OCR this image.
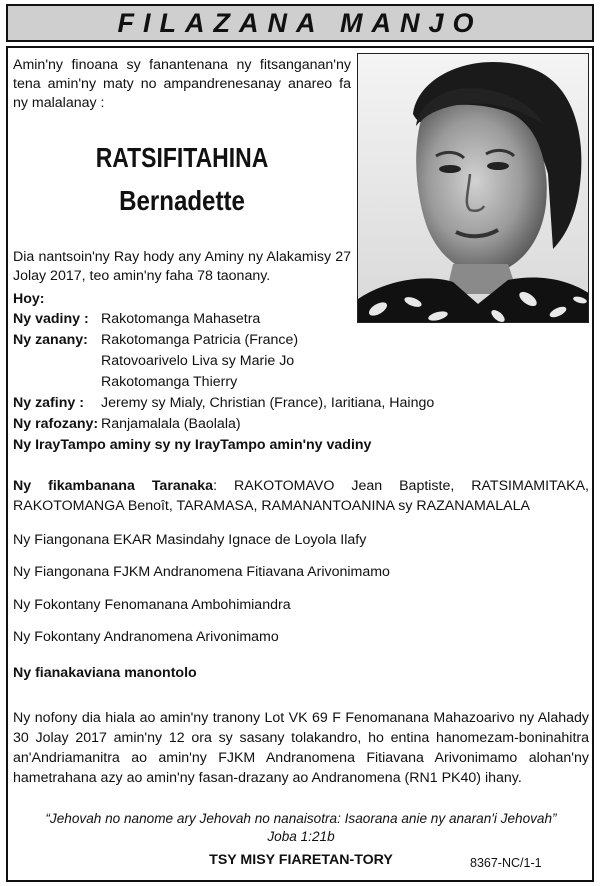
FILAZANA MANJO
Amin'ny finoana sy fanantenana ny fitsanganan'ny tena amin'ny maty no ampandrenesanay anareo fa ny malalanay :
RATSIFITAHINA
Bernadette
Dia nantsoin'ny Ray hody any Aminy ny Alakamisy 27 Jolay 2017, teo amin'ny faha 78 taonany.
Hoy:
Ny vadiny : Rakotomanga Mahasetra
Ny zanany: Rakotomanga Patricia (France)
Ratovoarivelo Liva sy Marie Jo
Rakotomanga Thierry
Ny zafiny : Jeremy sy Mialy, Christian (France), Iaritiana, Haingo
Ny rafozany: Ranjamalala (Baolala)
Ny IrayTampo aminy sy ny IrayTampo amin'ny vadiny
Ny fikambanana Taranaka: RAKOTOMAVO Jean Baptiste, RATSIMAMITAKA, RAKOTOMANGA Benoît, TARAMASA, RAMANANTOANINA sy RAZANAMALALA
Ny Fiangonana EKAR Masindahy Ignace de Loyola Ilafy
Ny Fiangonana FJKM Andranomena Fitiavana Arivonimamo
Ny Fokontany Fenomanana Ambohimiandra
Ny Fokontany Andranomena Arivonimamo
Ny fianakaviana manontolo
Ny nofony dia hiala ao amin'ny tranony Lot VK 69 F Fenomanana Mahazoarivo ny Alahady 30 Jolay 2017 amin'ny 12 ora sy sasany tolakandro, ho entina hanomezam-boninahitra an'Andriamanitra ao amin'ny FJKM Andranomena Fitiavana Arivonimamo alohan'ny hametrahana azy ao amin'ny fasan-drazany ao Andranomena (RN1 PK40) ihany.
“Jehovah no nanome ary Jehovah no nanaisotra: Isaorana anie ny anaran'i Jehovah”
Joba 1:21b
TSY MISY FIARETAN-TORY	8367-NC/1-1
